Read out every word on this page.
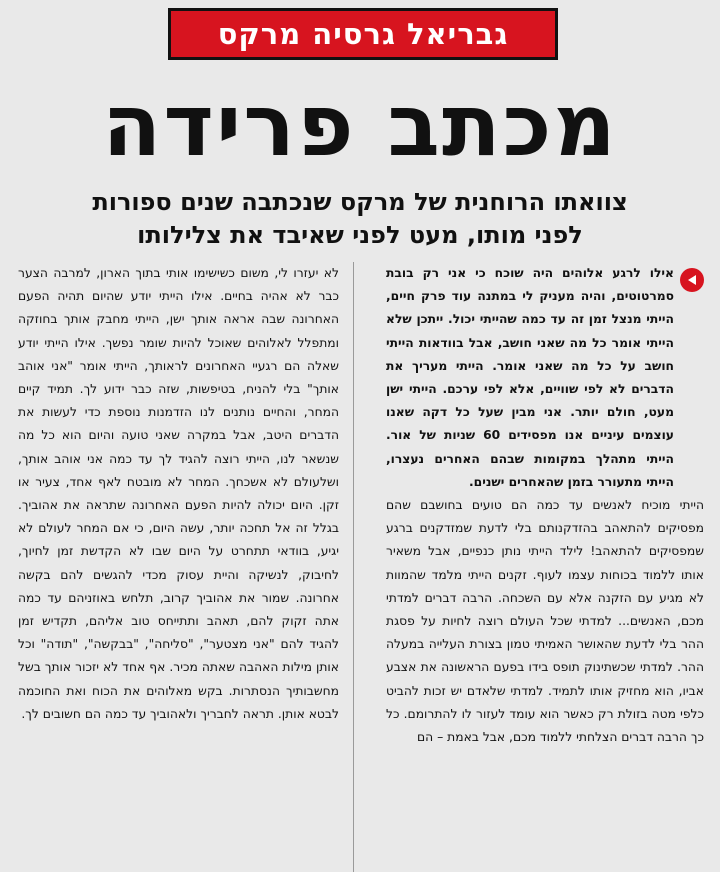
גבריאל גרסיה מרקס
מכתב פרידה
צוואתו הרוחנית של מרקס שנכתבה שנים ספורות
לפני מותו, מעט לפני שאיבד את צלילותו

אילו לרגע אלוהים היה שוכח כי אני רק בובת סמרטוטים, והיה מעניק לי במתנה עוד פרק חיים, הייתי מנצל זמן זה עד כמה שהייתי יכול. ייתכן שלא הייתי אומר כל מה שאני חושב, אבל בוודאות הייתי חושב על כל מה שאני אומר. הייתי מעריך את הדברים לא לפי שוויים, אלא לפי ערכם. הייתי ישן מעט, חולם יותר. אני מבין שעל כל דקה שאנו עוצמים עיניים אנו מפסידים 60 שניות של אור. הייתי מתהלך במקומות שבהם האחרים נעצרו, הייתי מתעורר בזמן שהאחרים ישנים.

הייתי מוכיח לאנשים עד כמה הם טועים בחושבם שהם מפסיקים להתאהב בהזדקנותם בלי לדעת שמזדקנים ברגע שמפסיקים להתאהב! לילד הייתי נותן כנפיים, אבל משאיר אותו ללמוד בכוחות עצמו לעוף. זקנים הייתי מלמד שהמוות לא מגיע עם הזקנה אלא עם השכחה. הרבה דברים למדתי מכם, האנשים... למדתי שכל העולם רוצה לחיות על פסגת ההר בלי לדעת שהאושר האמיתי טמון בצורת העלייה במעלה ההר. למדתי שכשתינוק תופס בידו בפעם הראשונה את אצבע אביו, הוא מחזיק אותו לתמיד. למדתי שלאדם יש זכות להביט כלפי מטה בזולת רק כאשר הוא עומד לעזור לו להתרומם. כל כך הרבה דברים הצלחתי ללמוד מכם, אבל באמת – הם

לא יעזרו לי, משום כשישימו אותי בתוך הארון, למרבה הצער כבר לא אהיה בחיים. אילו הייתי יודע שהיום תהיה הפעם האחרונה שבה אראה אותך ישן, הייתי מחבק אותך בחוזקה ומתפלל לאלוהים שאוכל להיות שומר נפשך. אילו הייתי יודע שאלה הם רגעיי האחרונים לראותך, הייתי אומר "אני אוהב אותך" בלי להניח, בטיפשות, שזה כבר ידוע לך. תמיד קיים המחר, והחיים נותנים לנו הזדמנות נוספת כדי לעשות את הדברים היטב, אבל במקרה שאני טועה והיום הוא כל מה שנשאר לנו, הייתי רוצה להגיד לך עד כמה אני אוהב אותך, ושלעולם לא אשכחך. המחר לא מובטח לאף אחד, צעיר או זקן. היום יכולה להיות הפעם האחרונה שתראה את אהוביך. בגלל זה אל תחכה יותר, עשה היום, כי אם המחר לעולם לא יגיע, בוודאי תתחרט על היום שבו לא הקדשת זמן לחיוך, לחיבוק, לנשיקה והיית עסוק מכדי להגשים להם בקשה אחרונה. שמור את אהוביך קרוב, תלחש באוזניהם עד כמה אתה זקוק להם, תאהב ותתייחס טוב אליהם, תקדיש זמן להגיד להם "אני מצטער", "סליחה", "בבקשה", "תודה" וכל אותן מילות האהבה שאתה מכיר. אף אחד לא יזכור אותך בשל מחשבותיך הנסתרות. בקש מאלוהים את הכוח ואת החוכמה לבטא אותן. תראה לחבריך ולאהוביך עד כמה הם חשובים לך.
